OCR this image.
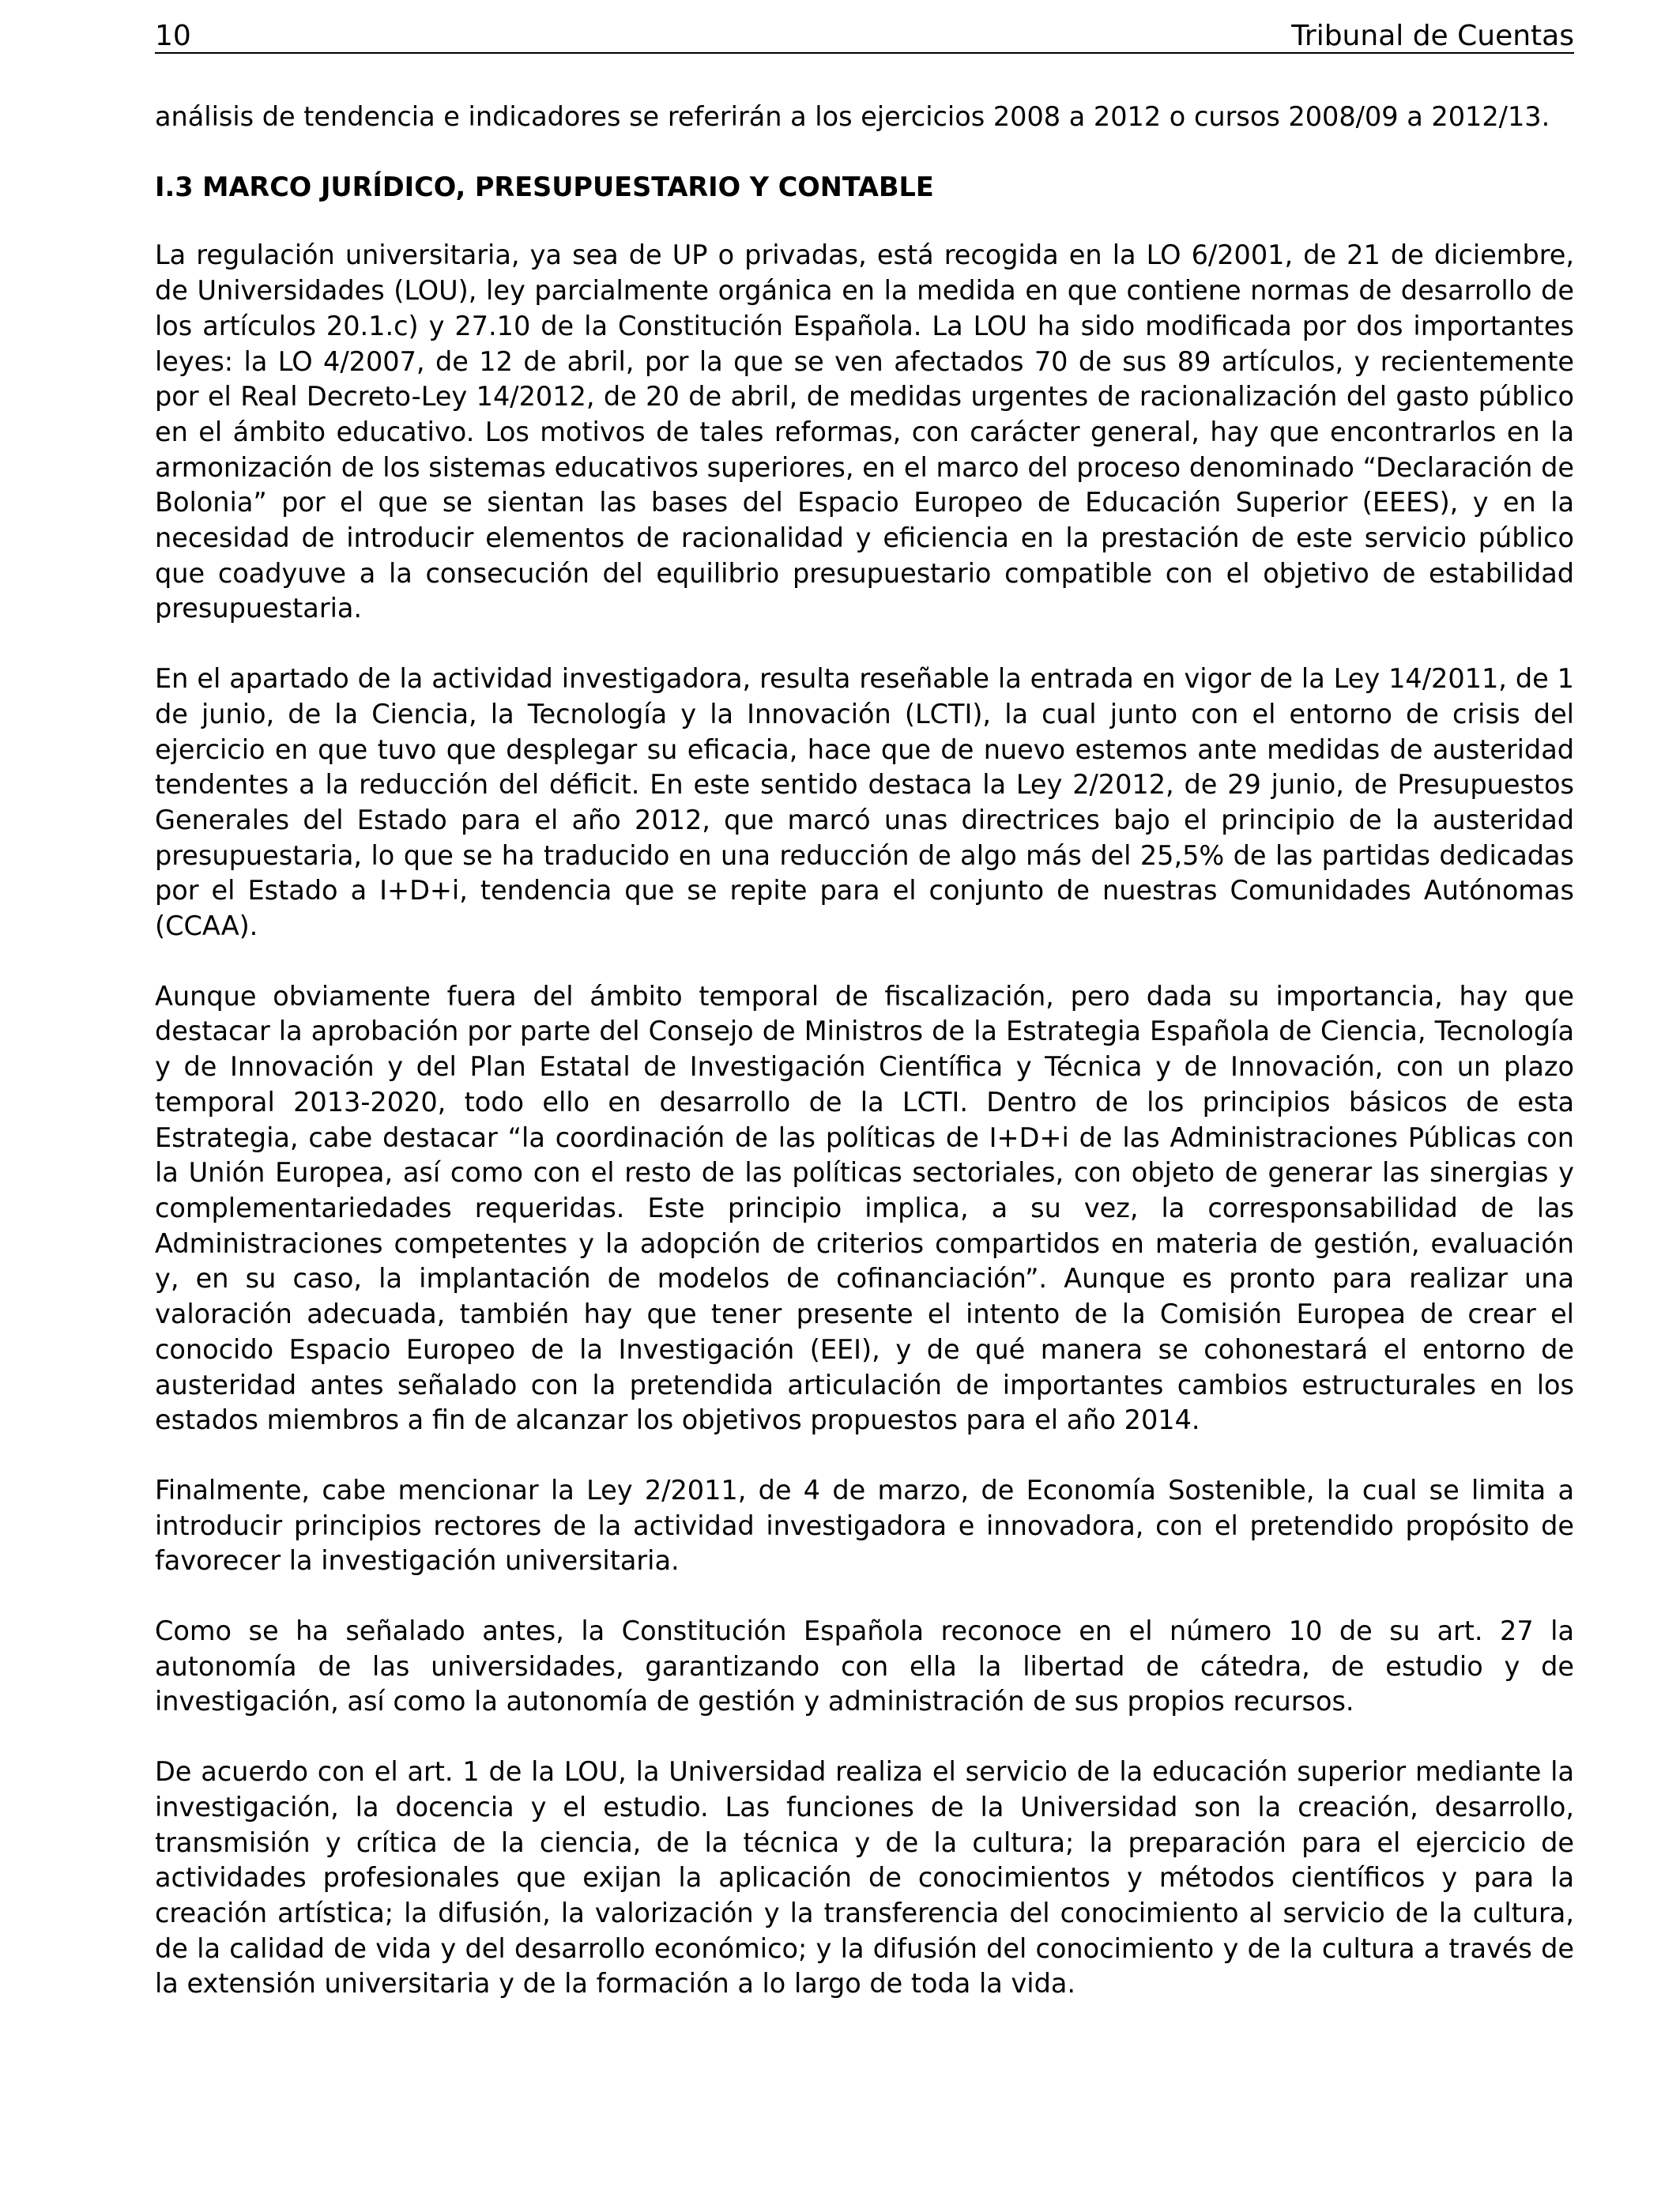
10	Tribunal de Cuentas

análisis de tendencia e indicadores se referirán a los ejercicios 2008 a 2012 o cursos 2008/09 a 2012/13.

I.3 MARCO JURÍDICO, PRESUPUESTARIO Y CONTABLE

La regulación universitaria, ya sea de UP o privadas, está recogida en la LO 6/2001, de 21 de diciembre, de Universidades (LOU), ley parcialmente orgánica en la medida en que contiene normas de desarrollo de los artículos 20.1.c) y 27.10 de la Constitución Española. La LOU ha sido modificada por dos importantes leyes: la LO 4/2007, de 12 de abril, por la que se ven afectados 70 de sus 89 artículos, y recientemente por el Real Decreto-Ley 14/2012, de 20 de abril, de medidas urgentes de racionalización del gasto público en el ámbito educativo. Los motivos de tales reformas, con carácter general, hay que encontrarlos en la armonización de los sistemas educativos superiores, en el marco del proceso denominado “Declaración de Bolonia” por el que se sientan las bases del Espacio Europeo de Educación Superior (EEES), y en la necesidad de introducir elementos de racionalidad y eficiencia en la prestación de este servicio público que coadyuve a la consecución del equilibrio presupuestario compatible con el objetivo de estabilidad presupuestaria.

En el apartado de la actividad investigadora, resulta reseñable la entrada en vigor de la Ley 14/2011, de 1 de junio, de la Ciencia, la Tecnología y la Innovación (LCTI), la cual junto con el entorno de crisis del ejercicio en que tuvo que desplegar su eficacia, hace que de nuevo estemos ante medidas de austeridad tendentes a la reducción del déficit. En este sentido destaca la Ley 2/2012, de 29 junio, de Presupuestos Generales del Estado para el año 2012, que marcó unas directrices bajo el principio de la austeridad presupuestaria, lo que se ha traducido en una reducción de algo más del 25,5% de las partidas dedicadas por el Estado a I+D+i, tendencia que se repite para el conjunto de nuestras Comunidades Autónomas (CCAA).

Aunque obviamente fuera del ámbito temporal de fiscalización, pero dada su importancia, hay que destacar la aprobación por parte del Consejo de Ministros de la Estrategia Española de Ciencia, Tecnología y de Innovación y del Plan Estatal de Investigación Científica y Técnica y de Innovación, con un plazo temporal 2013-2020, todo ello en desarrollo de la LCTI. Dentro de los principios básicos de esta Estrategia, cabe destacar “la coordinación de las políticas de I+D+i de las Administraciones Públicas con la Unión Europea, así como con el resto de las políticas sectoriales, con objeto de generar las sinergias y complementariedades requeridas. Este principio implica, a su vez, la corresponsabilidad de las Administraciones competentes y la adopción de criterios compartidos en materia de gestión, evaluación y, en su caso, la implantación de modelos de cofinanciación”. Aunque es pronto para realizar una valoración adecuada, también hay que tener presente el intento de la Comisión Europea de crear el conocido Espacio Europeo de la Investigación (EEI), y de qué manera se cohonestará el entorno de austeridad antes señalado con la pretendida articulación de importantes cambios estructurales en los estados miembros a fin de alcanzar los objetivos propuestos para el año 2014.

Finalmente, cabe mencionar la Ley 2/2011, de 4 de marzo, de Economía Sostenible, la cual se limita a introducir principios rectores de la actividad investigadora e innovadora, con el pretendido propósito de favorecer la investigación universitaria.

Como se ha señalado antes, la Constitución Española reconoce en el número 10 de su art. 27 la autonomía de las universidades, garantizando con ella la libertad de cátedra, de estudio y de investigación, así como la autonomía de gestión y administración de sus propios recursos.

De acuerdo con el art. 1 de la LOU, la Universidad realiza el servicio de la educación superior mediante la investigación, la docencia y el estudio. Las funciones de la Universidad son la creación, desarrollo, transmisión y crítica de la ciencia, de la técnica y de la cultura; la preparación para el ejercicio de actividades profesionales que exijan la aplicación de conocimientos y métodos científicos y para la creación artística; la difusión, la valorización y la transferencia del conocimiento al servicio de la cultura, de la calidad de vida y del desarrollo económico; y la difusión del conocimiento y de la cultura a través de la extensión universitaria y de la formación a lo largo de toda la vida.
